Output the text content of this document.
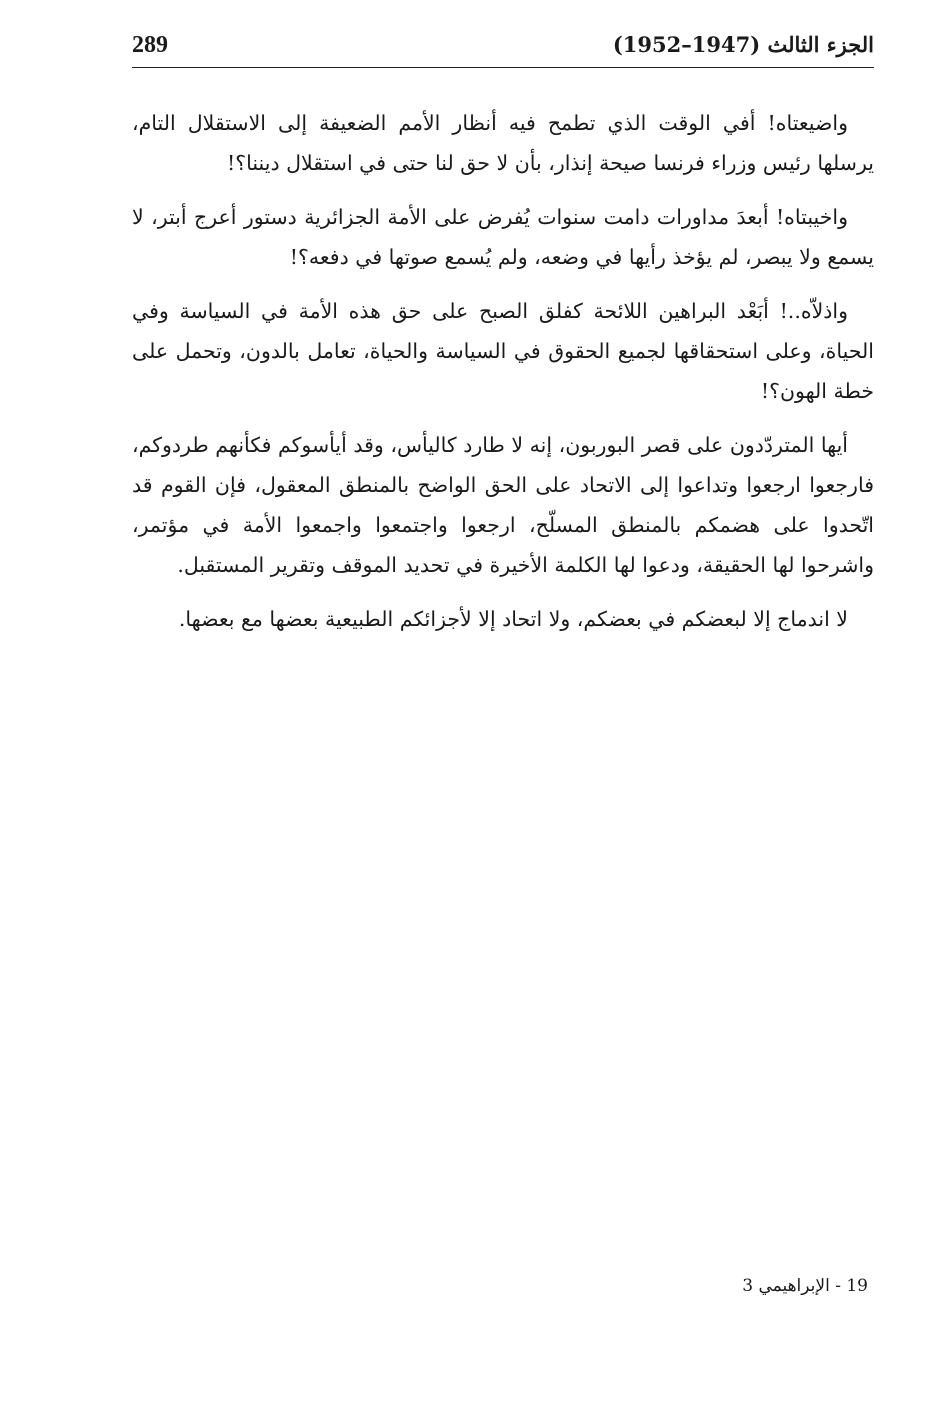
289	الجزء الثالث (1947–1952)

واضيعتاه! أفي الوقت الذي تطمح فيه أنظار الأمم الضعيفة إلى الاستقلال التام، يرسلها رئيس وزراء فرنسا صيحة إنذار، بأن لا حق لنا حتى في استقلال ديننا؟!

واخيبتاه! أبعدَ مداورات دامت سنوات يُفرض على الأمة الجزائرية دستور أعرج أبتر، لا يسمع ولا يبصر، لم يؤخذ رأيها في وضعه، ولم يُسمع صوتها في دفعه؟!

واذلاّه..! أبَعْد البراهين اللائحة كفلق الصبح على حق هذه الأمة في السياسة وفي الحياة، وعلى استحقاقها لجميع الحقوق في السياسة والحياة، تعامل بالدون، وتحمل على خطة الهون؟!

أيها المتردّدون على قصر البوربون، إنه لا طارد كاليأس، وقد أيأسوكم فكأنهم طردوكم، فارجعوا ارجعوا وتداعوا إلى الاتحاد على الحق الواضح بالمنطق المعقول، فإن القوم قد اتّحدوا على هضمكم بالمنطق المسلّح، ارجعوا واجتمعوا واجمعوا الأمة في مؤتمر، واشرحوا لها الحقيقة، ودعوا لها الكلمة الأخيرة في تحديد الموقف وتقرير المستقبل.

لا اندماج إلا لبعضكم في بعضكم، ولا اتحاد إلا لأجزائكم الطبيعية بعضها مع بعضها.

19 - الإبراهيمي 3
